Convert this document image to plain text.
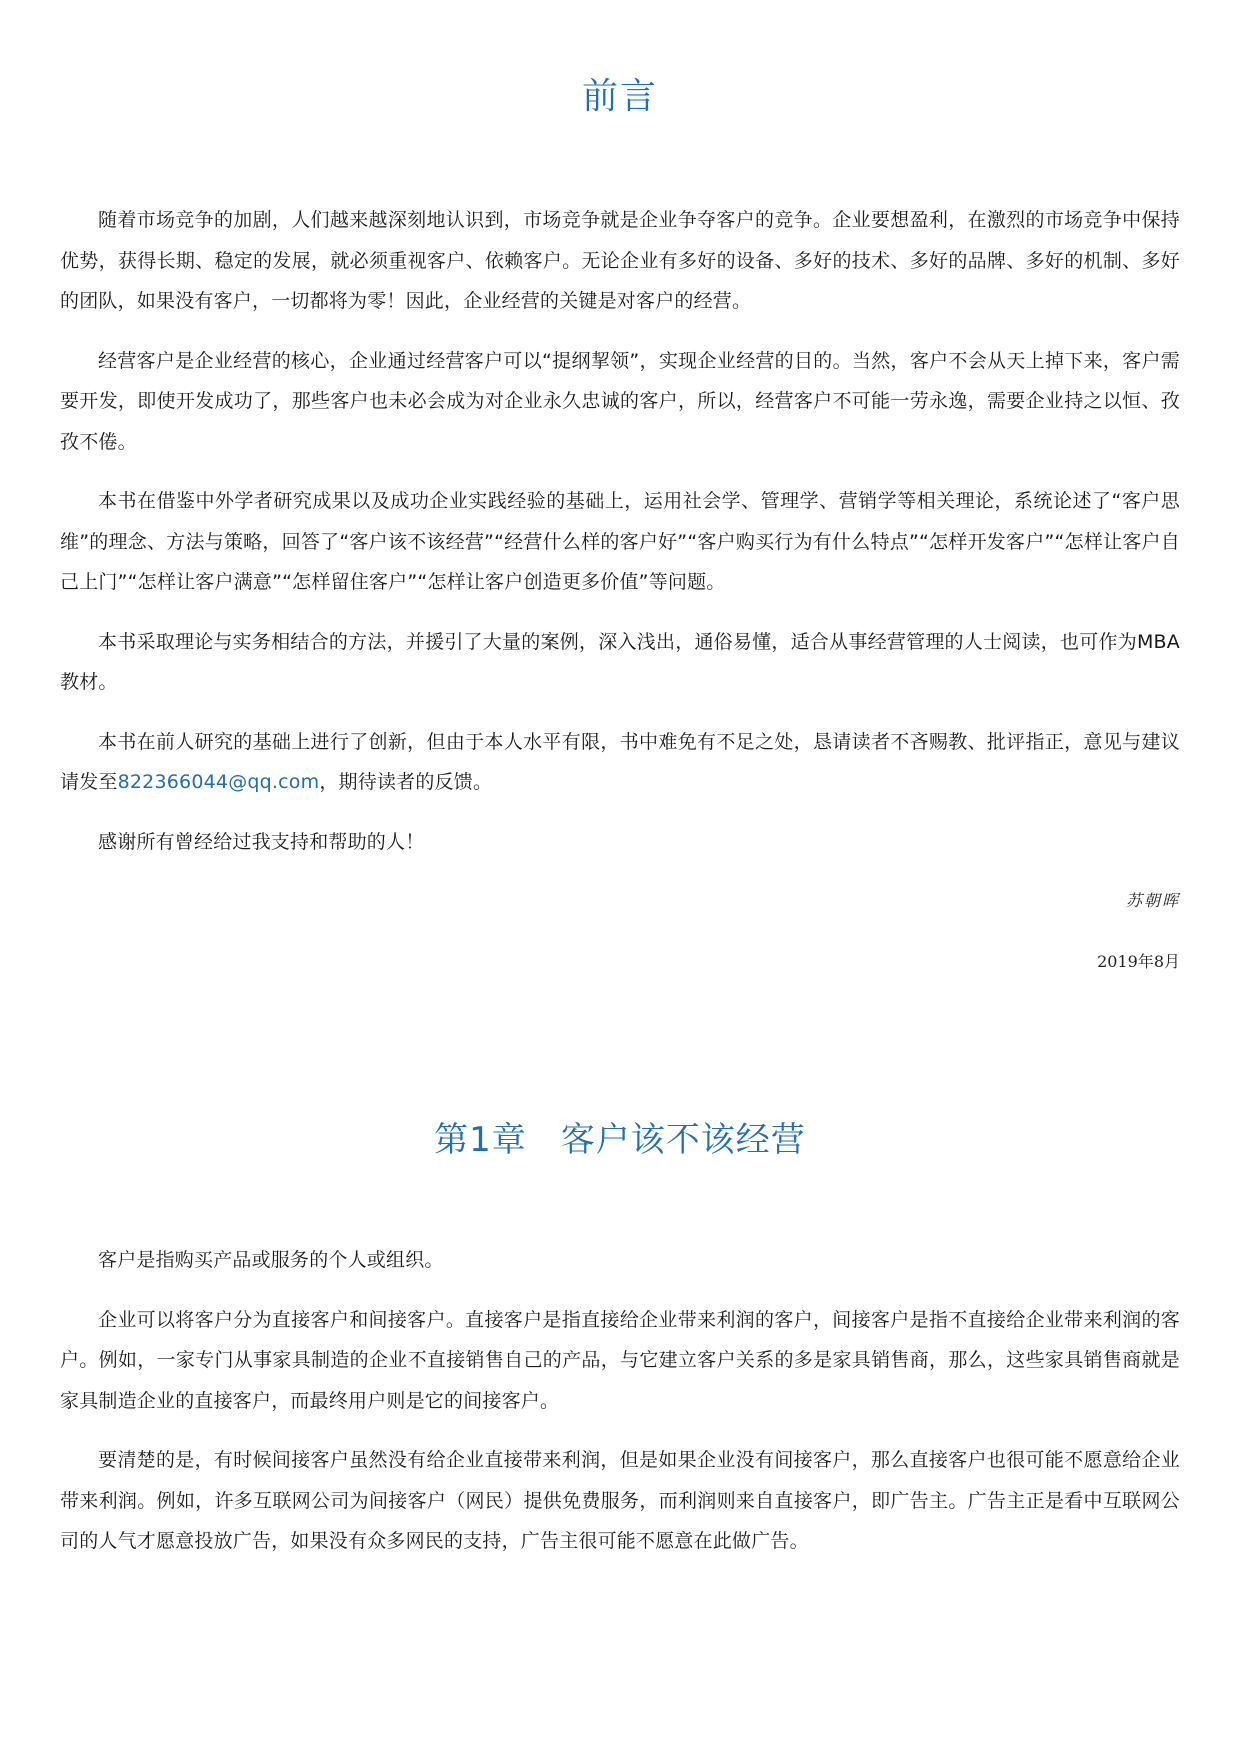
前言

随着市场竞争的加剧，人们越来越深刻地认识到，市场竞争就是企业争夺客户的竞争。企业要想盈利，在激烈的市场竞争中保持优势，获得长期、稳定的发展，就必须重视客户、依赖客户。无论企业有多好的设备、多好的技术、多好的品牌、多好的机制、多好的团队，如果没有客户，一切都将为零！因此，企业经营的关键是对客户的经营。

经营客户是企业经营的核心，企业通过经营客户可以“提纲挈领”，实现企业经营的目的。当然，客户不会从天上掉下来，客户需要开发，即使开发成功了，那些客户也未必会成为对企业永久忠诚的客户，所以，经营客户不可能一劳永逸，需要企业持之以恒、孜孜不倦。

本书在借鉴中外学者研究成果以及成功企业实践经验的基础上，运用社会学、管理学、营销学等相关理论，系统论述了“客户思维”的理念、方法与策略，回答了“客户该不该经营”“经营什么样的客户好”“客户购买行为有什么特点”“怎样开发客户”“怎样让客户自己上门”“怎样让客户满意”“怎样留住客户”“怎样让客户创造更多价值”等问题。

本书采取理论与实务相结合的方法，并援引了大量的案例，深入浅出，通俗易懂，适合从事经营管理的人士阅读，也可作为MBA教材。

本书在前人研究的基础上进行了创新，但由于本人水平有限，书中难免有不足之处，恳请读者不吝赐教、批评指正，意见与建议请发至822366044@qq.com，期待读者的反馈。

感谢所有曾经给过我支持和帮助的人！

苏朝晖
2019年8月
第1章 客户该不该经营

客户是指购买产品或服务的个人或组织。

企业可以将客户分为直接客户和间接客户。直接客户是指直接给企业带来利润的客户，间接客户是指不直接给企业带来利润的客户。例如，一家专门从事家具制造的企业不直接销售自己的产品，与它建立客户关系的多是家具销售商，那么，这些家具销售商就是家具制造企业的直接客户，而最终用户则是它的间接客户。

要清楚的是，有时候间接客户虽然没有给企业直接带来利润，但是如果企业没有间接客户，那么直接客户也很可能不愿意给企业带来利润。例如，许多互联网公司为间接客户（网民）提供免费服务，而利润则来自直接客户，即广告主。广告主正是看中互联网公司的人气才愿意投放广告，如果没有众多网民的支持，广告主很可能不愿意在此做广告。
